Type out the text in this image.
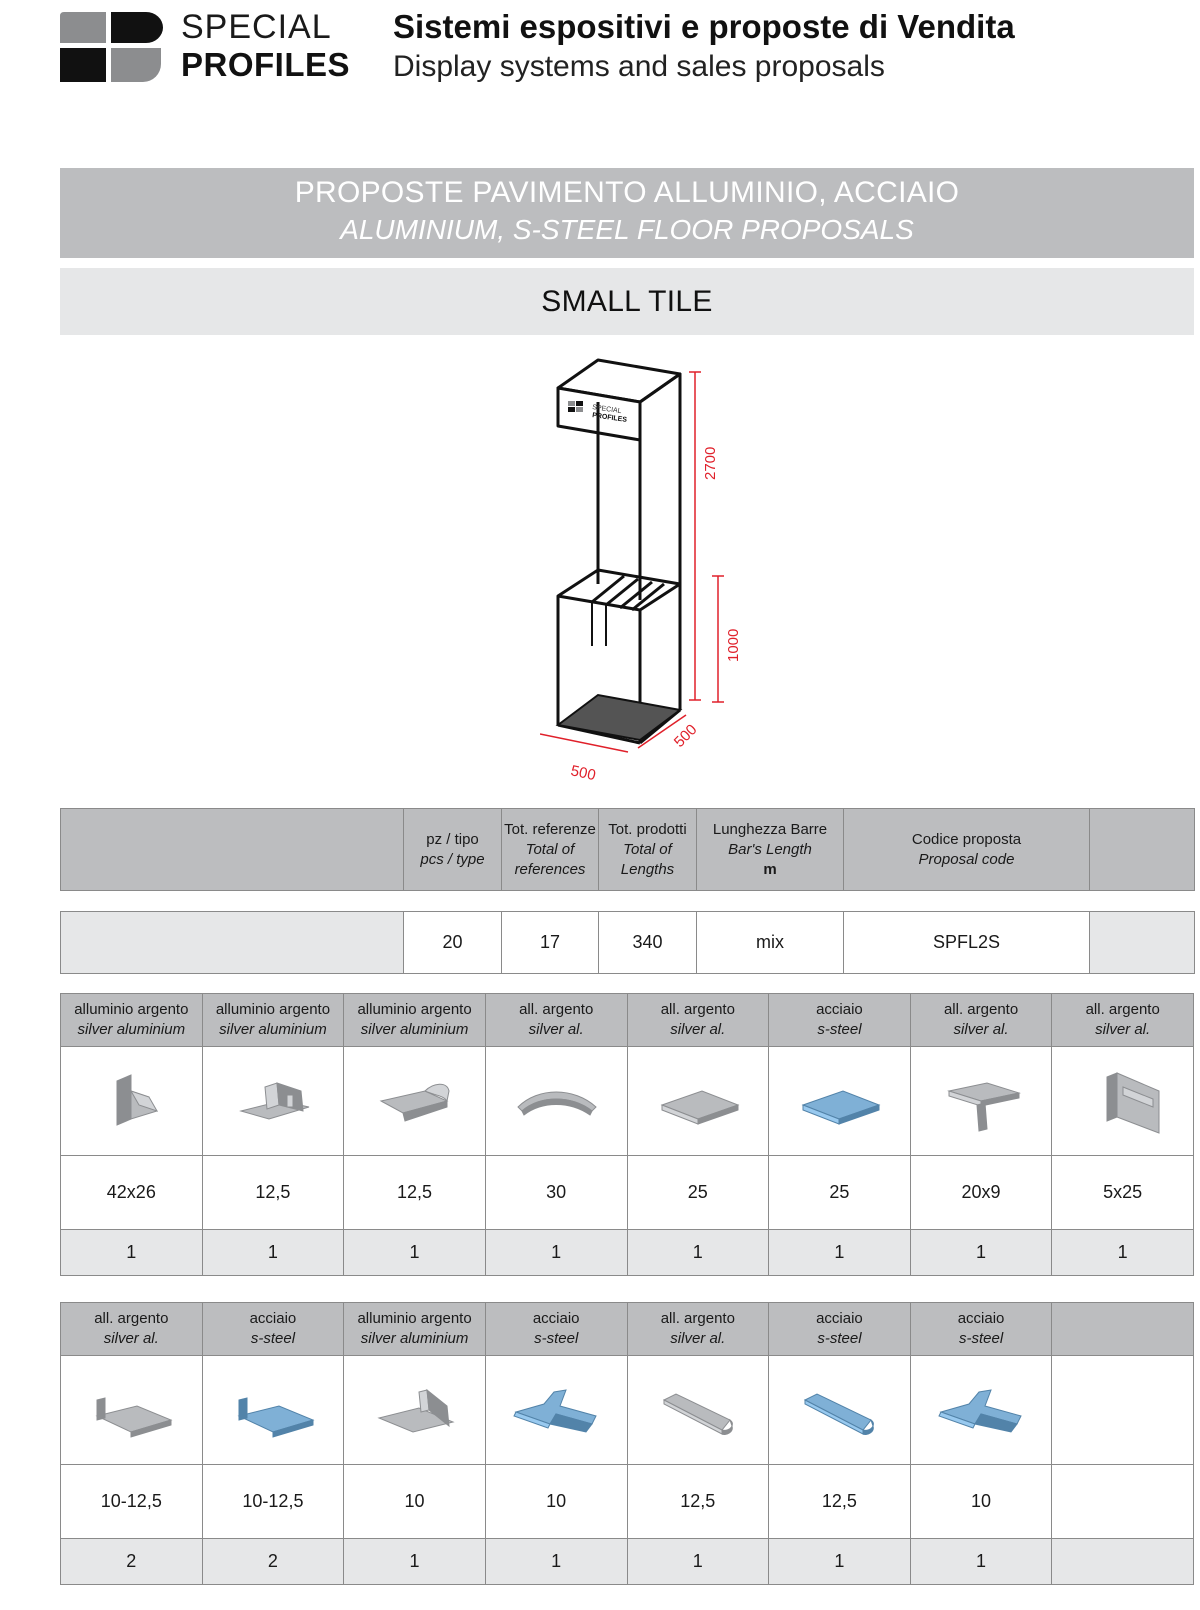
SPECIAL
PROFILES
Sistemi espositivi e proposte di Vendita
Display systems and sales proposals
PROPOSTE PAVIMENTO ALLUMINIO, ACCIAIO
ALUMINIUM, S-STEEL FLOOR PROPOSALS
SMALL TILE
SPECIAL
PROFILES
2700
1000
500
500
	pz / tipo
pcs / type
	Tot. referenze
Total of references
	Tot. prodotti
Total of Lengths
	Lunghezza Barre
Bar's Length
m
	Codice proposta
Proposal code

	20	17	340	mix	SPFL2S	
alluminio argento
silver aluminium	alluminio argento
silver aluminium	alluminio argento
silver aluminium	all. argento
silver al.	all. argento
silver al.	acciaio
s-steel	all. argento
silver al.	all. argento
silver al.

42x26	12,5	12,5	30	25	25	20x9	5x25
1	1	1	1	1	1	1	1
all. argento
silver al.	acciaio
s-steel	alluminio argento
silver aluminium	acciaio
s-steel	all. argento
silver al.	acciaio
s-steel	acciaio
s-steel	

10-12,5	10-12,5	10	10	12,5	12,5	10	
2	2	1	1	1	1	1	
